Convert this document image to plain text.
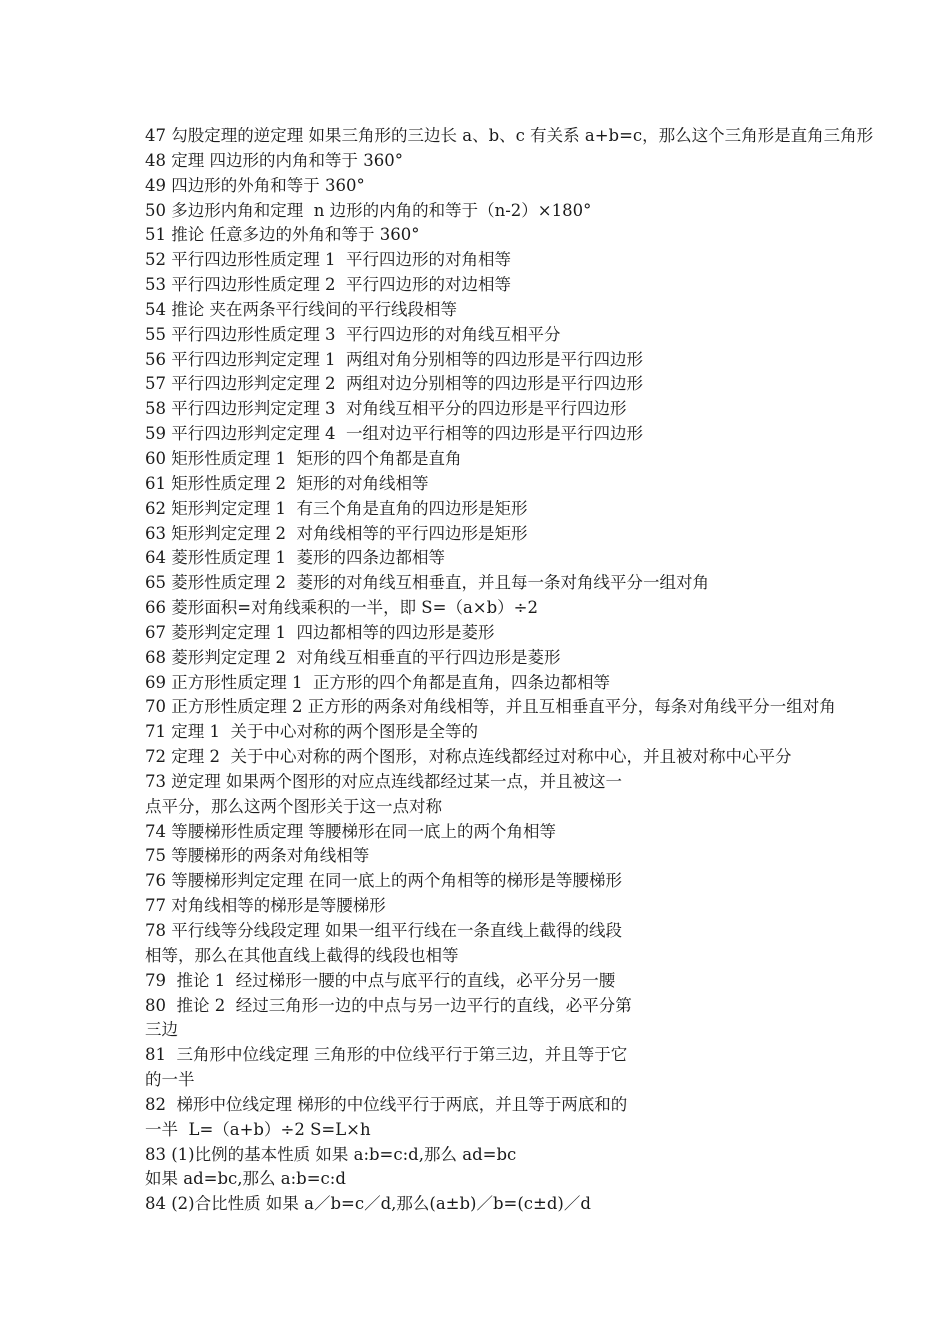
47 勾股定理的逆定理 如果三角形的三边长 a、b、c 有关系 a+b=c，那么这个三角形是直角三角形
48 定理 四边形的内角和等于 360°
49 四边形的外角和等于 360°
50 多边形内角和定理  n 边形的内角的和等于（n-2）×180°
51 推论 任意多边的外角和等于 360°
52 平行四边形性质定理 1  平行四边形的对角相等
53 平行四边形性质定理 2  平行四边形的对边相等
54 推论 夹在两条平行线间的平行线段相等
55 平行四边形性质定理 3  平行四边形的对角线互相平分
56 平行四边形判定定理 1  两组对角分别相等的四边形是平行四边形
57 平行四边形判定定理 2  两组对边分别相等的四边形是平行四边形
58 平行四边形判定定理 3  对角线互相平分的四边形是平行四边形
59 平行四边形判定定理 4  一组对边平行相等的四边形是平行四边形
60 矩形性质定理 1  矩形的四个角都是直角
61 矩形性质定理 2  矩形的对角线相等
62 矩形判定定理 1  有三个角是直角的四边形是矩形
63 矩形判定定理 2  对角线相等的平行四边形是矩形
64 菱形性质定理 1  菱形的四条边都相等
65 菱形性质定理 2  菱形的对角线互相垂直，并且每一条对角线平分一组对角
66 菱形面积=对角线乘积的一半，即 S=（a×b）÷2
67 菱形判定定理 1  四边都相等的四边形是菱形
68 菱形判定定理 2  对角线互相垂直的平行四边形是菱形
69 正方形性质定理 1  正方形的四个角都是直角，四条边都相等
70 正方形性质定理 2 正方形的两条对角线相等，并且互相垂直平分，每条对角线平分一组对角
71 定理 1  关于中心对称的两个图形是全等的
72 定理 2  关于中心对称的两个图形，对称点连线都经过对称中心，并且被对称中心平分
73 逆定理 如果两个图形的对应点连线都经过某一点，并且被这一
点平分，那么这两个图形关于这一点对称
74 等腰梯形性质定理 等腰梯形在同一底上的两个角相等
75 等腰梯形的两条对角线相等
76 等腰梯形判定定理 在同一底上的两个角相等的梯形是等腰梯形
77 对角线相等的梯形是等腰梯形
78 平行线等分线段定理 如果一组平行线在一条直线上截得的线段
相等，那么在其他直线上截得的线段也相等
79  推论 1  经过梯形一腰的中点与底平行的直线，必平分另一腰
80  推论 2  经过三角形一边的中点与另一边平行的直线，必平分第
三边
81  三角形中位线定理 三角形的中位线平行于第三边，并且等于它
的一半
82  梯形中位线定理 梯形的中位线平行于两底，并且等于两底和的
一半  L=（a+b）÷2 S=L×h
83 (1)比例的基本性质 如果 a:b=c:d,那么 ad=bc
如果 ad=bc,那么 a:b=c:d
84 (2)合比性质 如果 a／b=c／d,那么(a±b)／b=(c±d)／d
